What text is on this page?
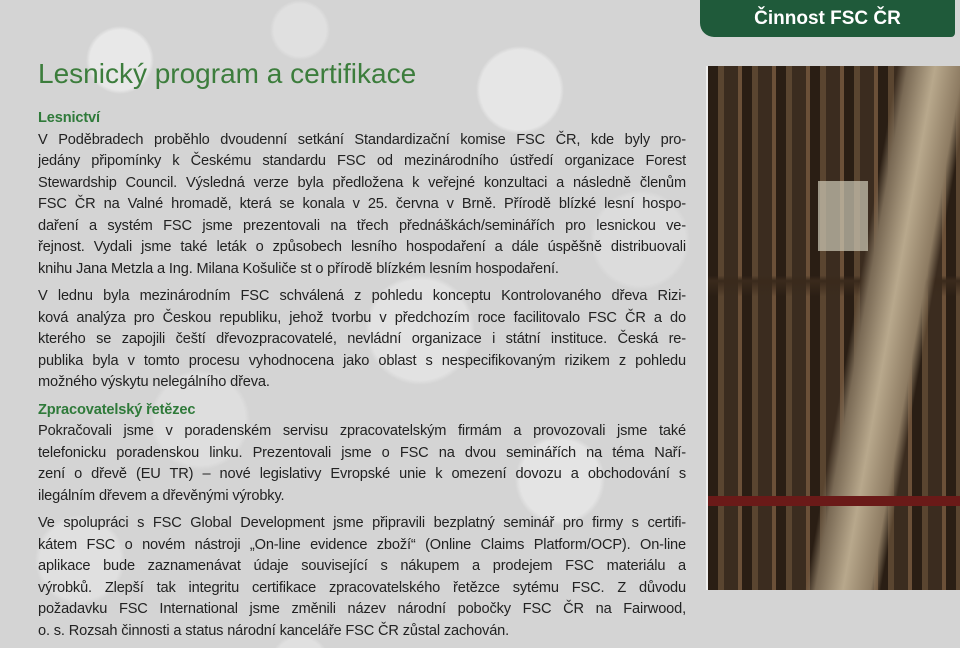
Činnost FSC ČR
Lesnický program a certifikace
Lesnictví
V Poděbradech proběhlo dvoudenní setkání Standardizační komise FSC ČR, kde byly pro-
jedány připomínky k Českému standardu FSC od mezinárodního ústředí organizace Forest
Stewardship Council. Výsledná verze byla předložena k veřejné konzultaci a následně členům
FSC ČR na Valné hromadě, která se konala v 25. června v Brně. Přírodě blízké lesní hospo-
daření a systém FSC jsme prezentovali na třech přednáškách/seminářích pro lesnickou ve-
řejnost. Vydali jsme také leták o způsobech lesního hospodaření a dále úspěšně distribuovali
knihu Jana Metzla a Ing. Milana Košuliče st o přírodě blízkém lesním hospodaření.
V lednu byla mezinárodním FSC schválená z pohledu konceptu Kontrolovaného dřeva Rizi-
ková analýza pro Českou republiku, jehož tvorbu v předchozím roce facilitovalo FSC ČR a do
kterého se zapojili čeští dřevozpracovatelé, nevládní organizace i státní instituce. Česká re-
publika byla v tomto procesu vyhodnocena jako oblast s nespecifikovaným rizikem z pohledu
možného výskytu nelegálního dřeva.
Zpracovatelský řetězec
Pokračovali jsme v poradenském servisu zpracovatelským firmám a provozovali jsme také
telefonicku poradenskou linku. Prezentovali jsme o FSC na dvou seminářích na téma Naří-
zení o dřevě (EU TR) – nové legislativy Evropské unie k omezení dovozu a obchodování s
ilegálním dřevem a dřevěnými výrobky.
Ve spolupráci s FSC Global Development jsme připravili bezplatný seminář pro firmy s certifi-
kátem FSC o novém nástroji „On-line evidence zboží“ (Online Claims Platform/OCP). On-line
aplikace bude zaznamenávat údaje související s nákupem a prodejem FSC materiálu a
výrobků. Zlepší tak integritu certifikace zpracovatelského řetězce sytému FSC. Z důvodu
požadavku FSC International jsme změnili název národní pobočky FSC ČR na Fairwood,
o. s. Rozsah činnosti a status národní kanceláře FSC ČR zůstal zachován.
